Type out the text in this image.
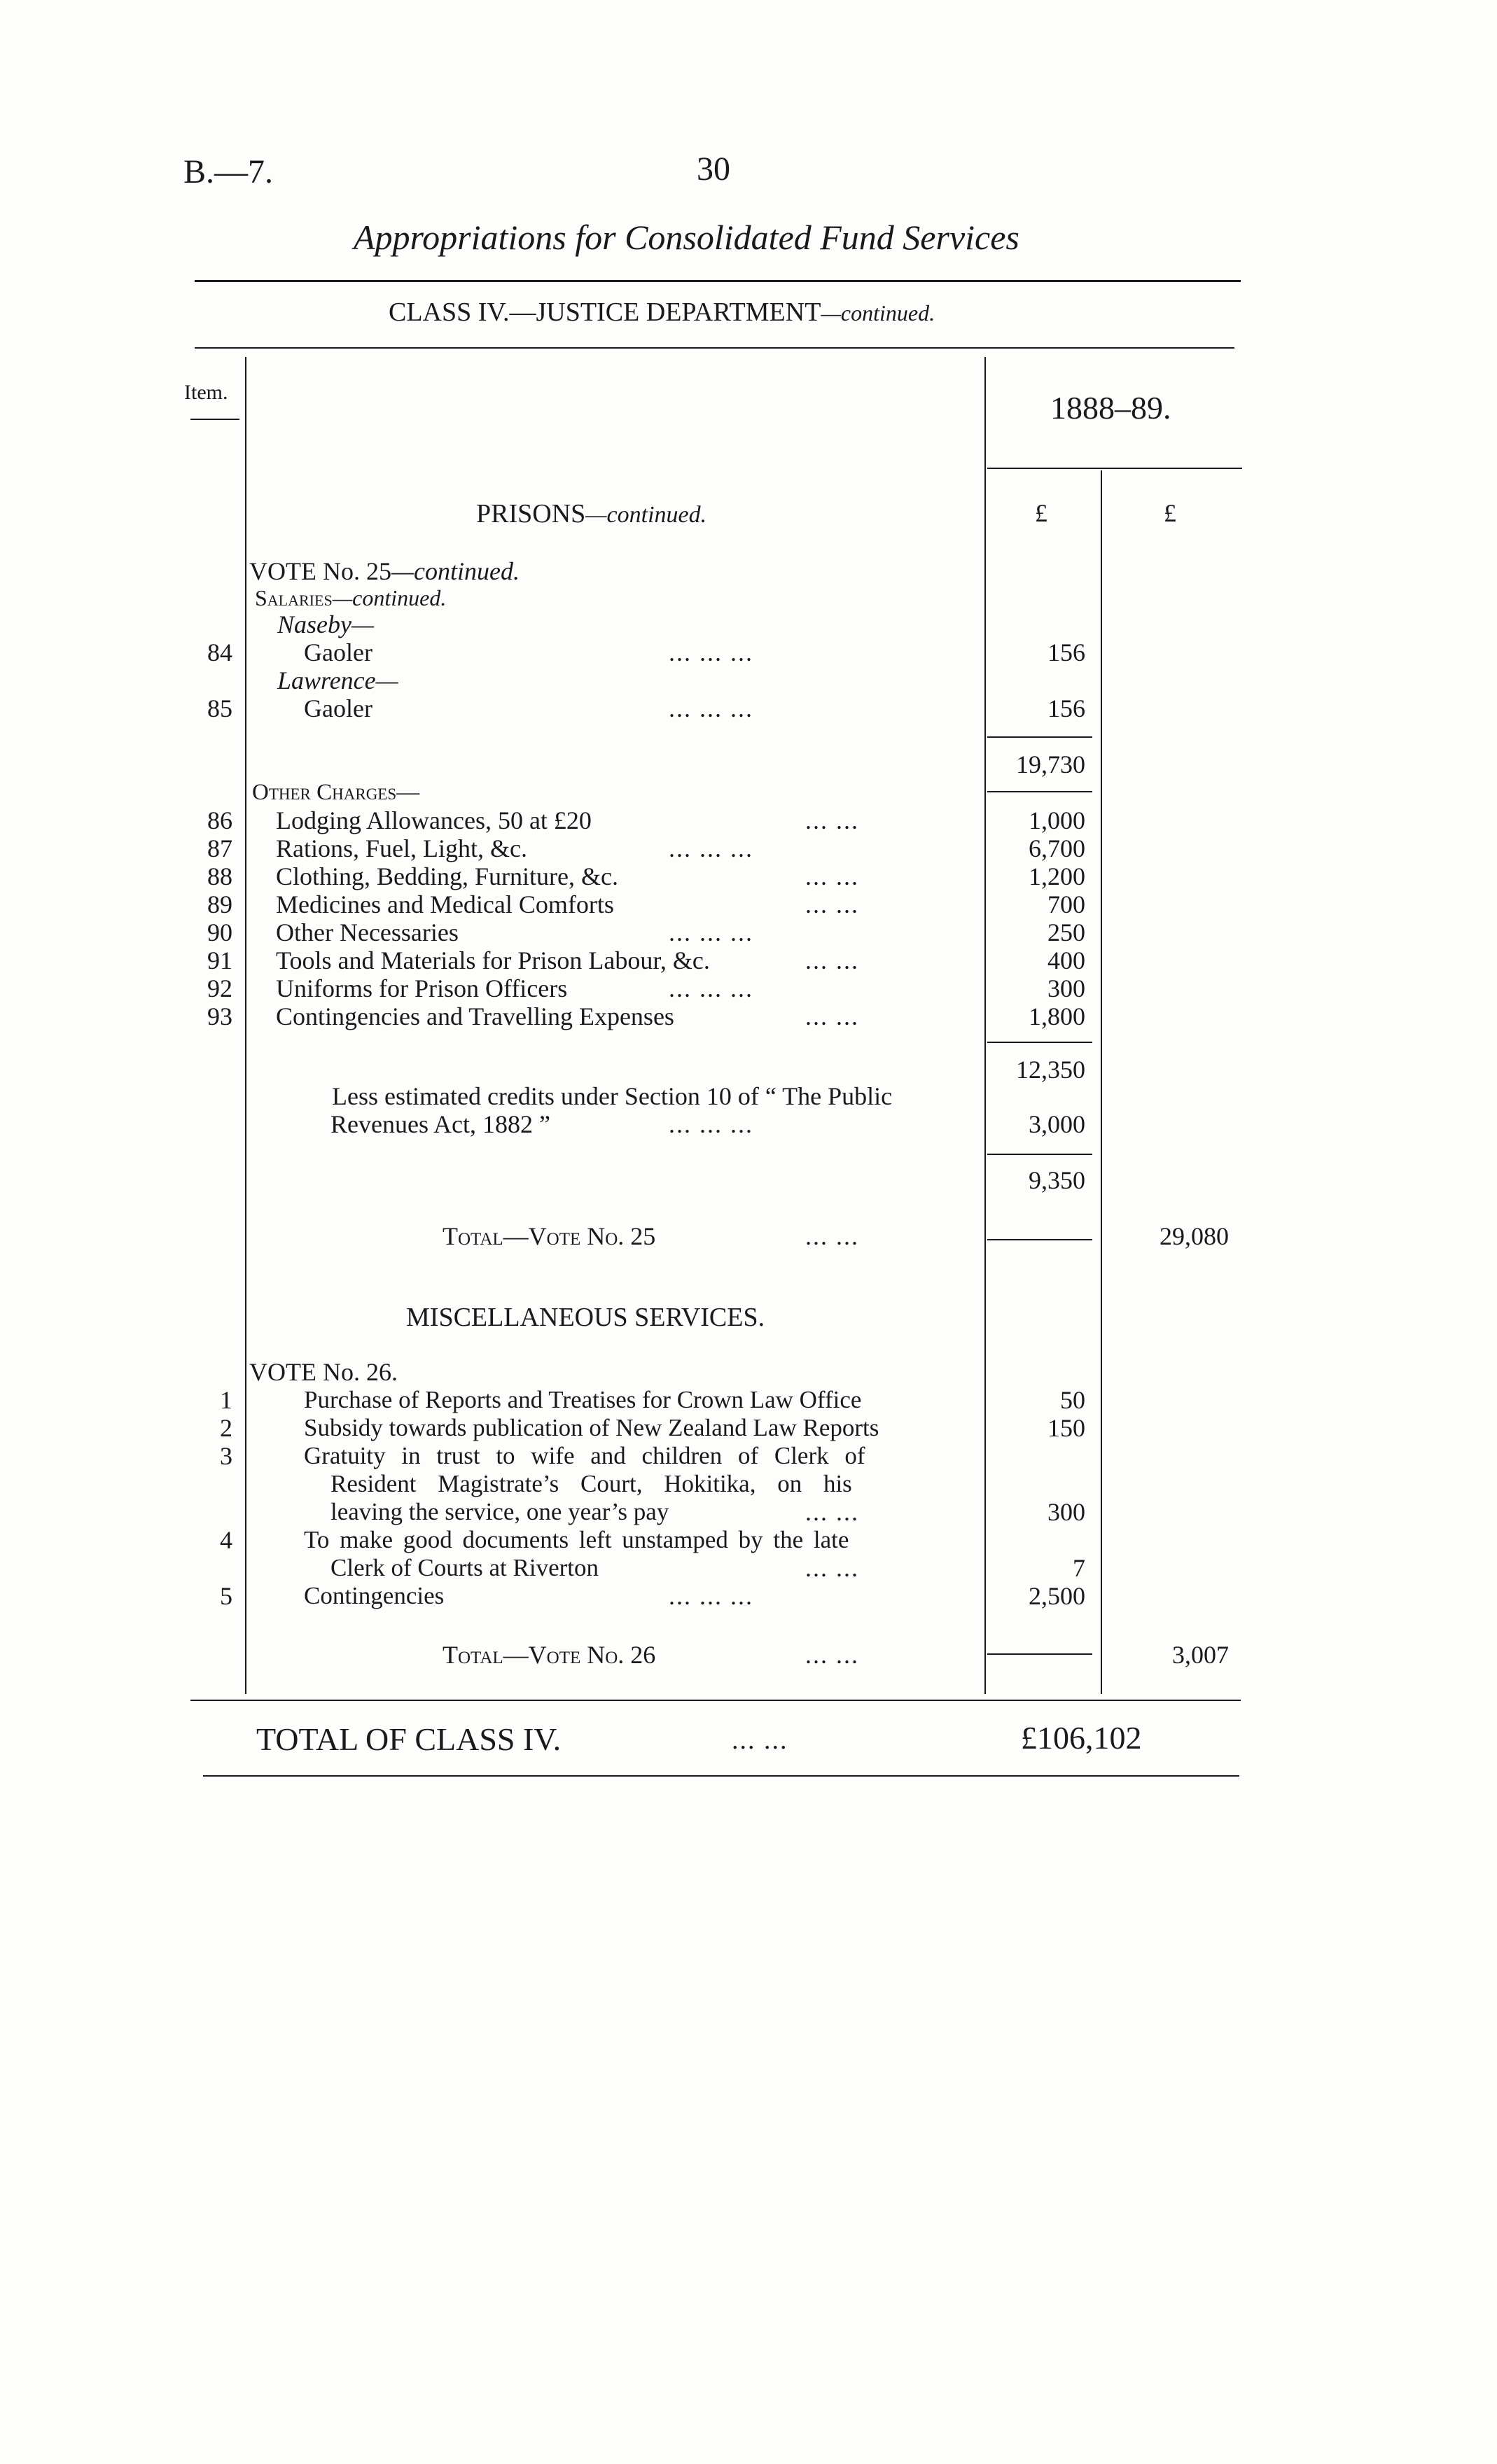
B.—7.	30
Appropriations for Consolidated Fund Services
CLASS IV.—JUSTICE DEPARTMENT—continued.
Item.	1888–89.
£	£
PRISONS—continued.
VOTE No. 25—continued.
Salaries—continued.
Naseby—
84	Gaoler	... ... ...	156
Lawrence—
85	Gaoler	... ... ...	156
19,730
Other Charges—
86 Lodging Allowances, 50 at £20	... ...	1,000
87 Rations, Fuel, Light, &c.	... ... ...	6,700
88 Clothing, Bedding, Furniture, &c.	... ...	1,200
89 Medicines and Medical Comforts	... ...	700
90 Other Necessaries	... ... ...	250
91 Tools and Materials for Prison Labour, &c.	... ...	400
92 Uniforms for Prison Officers	... ... ...	300
93 Contingencies and Travelling Expenses	... ...	1,800
12,350
Less estimated credits under Section 10 of “ The Public
Revenues Act, 1882 ”	... ... ...	3,000
9,350
Total—Vote No. 25	... ...	29,080
MISCELLANEOUS SERVICES.
VOTE No. 26.
1	Purchase of Reports and Treatises for Crown Law Office	50
2	Subsidy towards publication of New Zealand Law Reports	150
3	Gratuity in trust to wife and children of Clerk of
Resident Magistrate’s Court, Hokitika, on his
leaving the service, one year’s pay	... ...	300
4	To make good documents left unstamped by the late
Clerk of Courts at Riverton	... ...	7
5	Contingencies	... ... ...	2,500
Total—Vote No. 26	... ...	3,007
TOTAL OF CLASS IV.	... ...	£106,102
